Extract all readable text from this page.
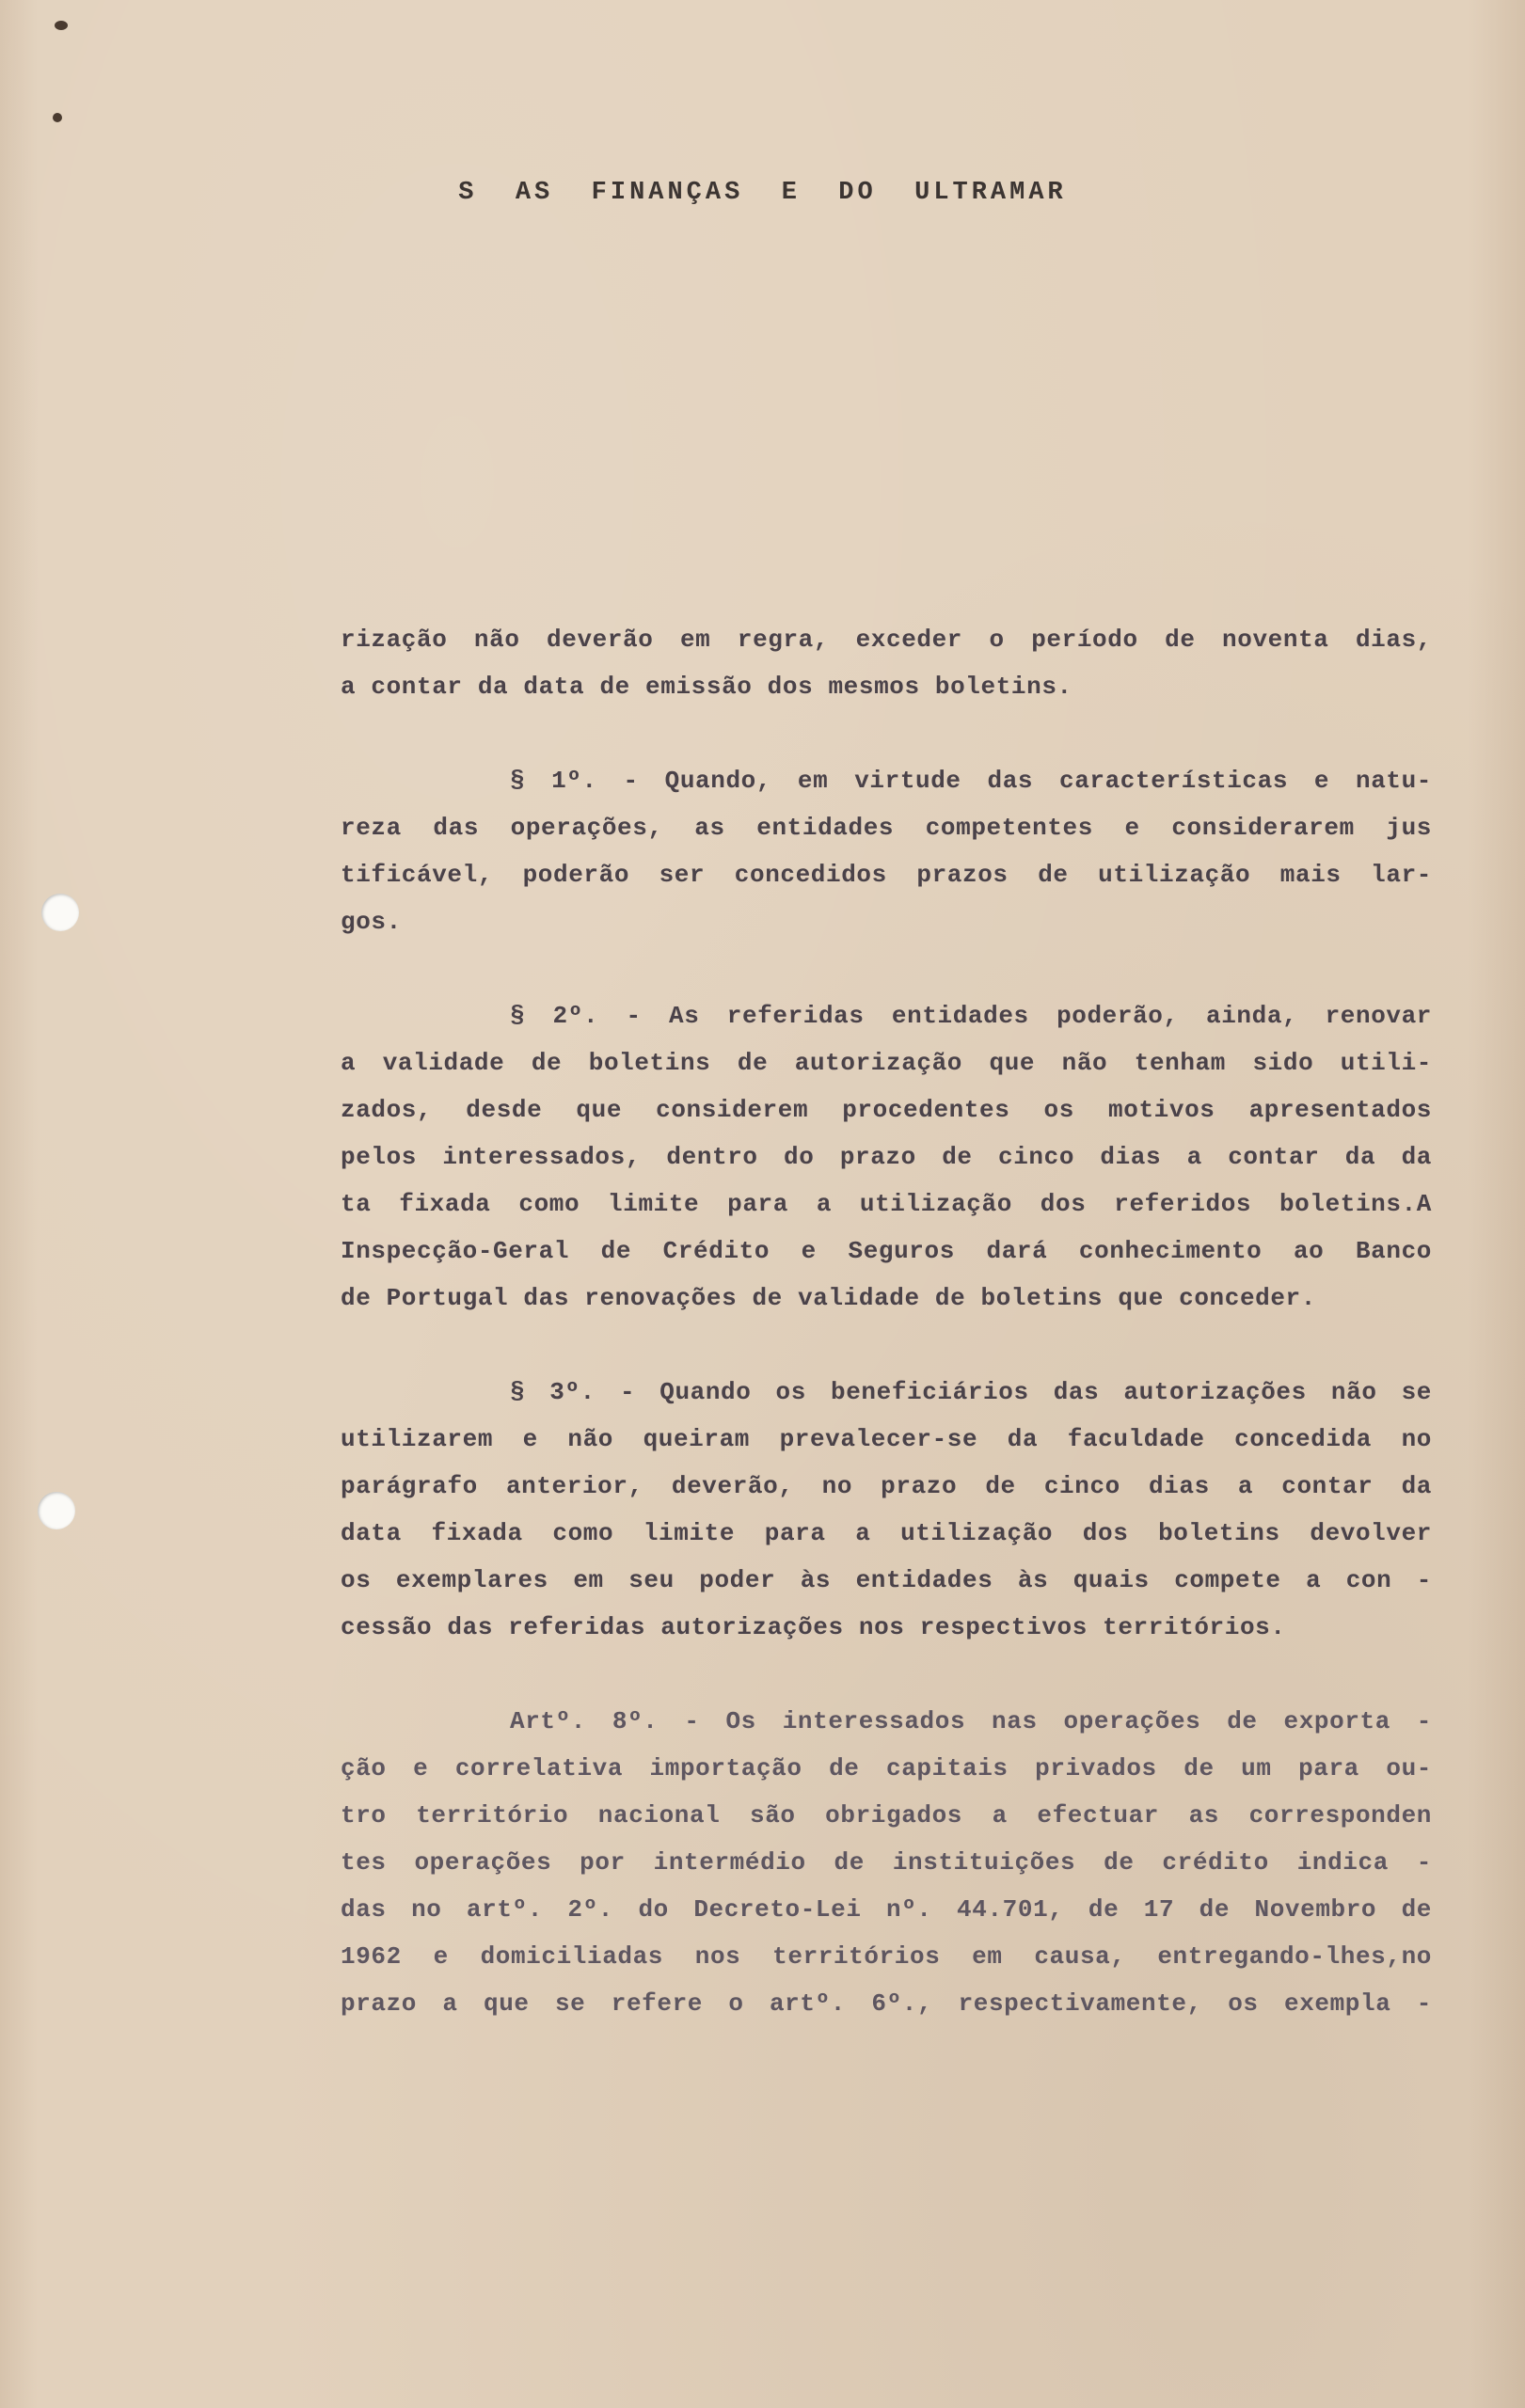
S  AS  FINANÇAS  E  DO  ULTRAMAR

rização não deverão em regra, exceder o período de noventa dias,
a contar da data de emissão dos mesmos boletins.

§ 1º. - Quando, em virtude das características e natu-
reza das operações, as entidades competentes e considerarem jus
tificável, poderão ser concedidos prazos de utilização mais lar-
gos.

§ 2º. - As referidas entidades poderão, ainda, renovar
a validade de boletins de autorização que não tenham sido utili-
zados, desde que considerem procedentes os motivos apresentados
pelos interessados, dentro do prazo de cinco dias a contar da da
ta fixada como limite para a utilização dos referidos boletins.A
Inspecção-Geral de Crédito e Seguros dará conhecimento ao Banco
de Portugal das renovações de validade de boletins que conceder.

§ 3º. - Quando os beneficiários das autorizações não se
utilizarem e não queiram prevalecer-se da faculdade concedida no
parágrafo anterior, deverão, no prazo de cinco dias a contar da
data fixada como limite para a utilização dos boletins devolver
os exemplares em seu poder às entidades às quais compete a con -
cessão das referidas autorizações nos respectivos territórios.

Artº. 8º. - Os interessados nas operações de exporta -
ção e correlativa importação de capitais privados de um para ou-
tro território nacional são obrigados a efectuar as corresponden
tes operações por intermédio de instituições de crédito indica -
das no artº. 2º. do Decreto-Lei nº. 44.701, de 17 de Novembro de
1962 e domiciliadas nos territórios em causa, entregando-lhes,no
prazo a que se refere o artº. 6º., respectivamente, os exempla -
